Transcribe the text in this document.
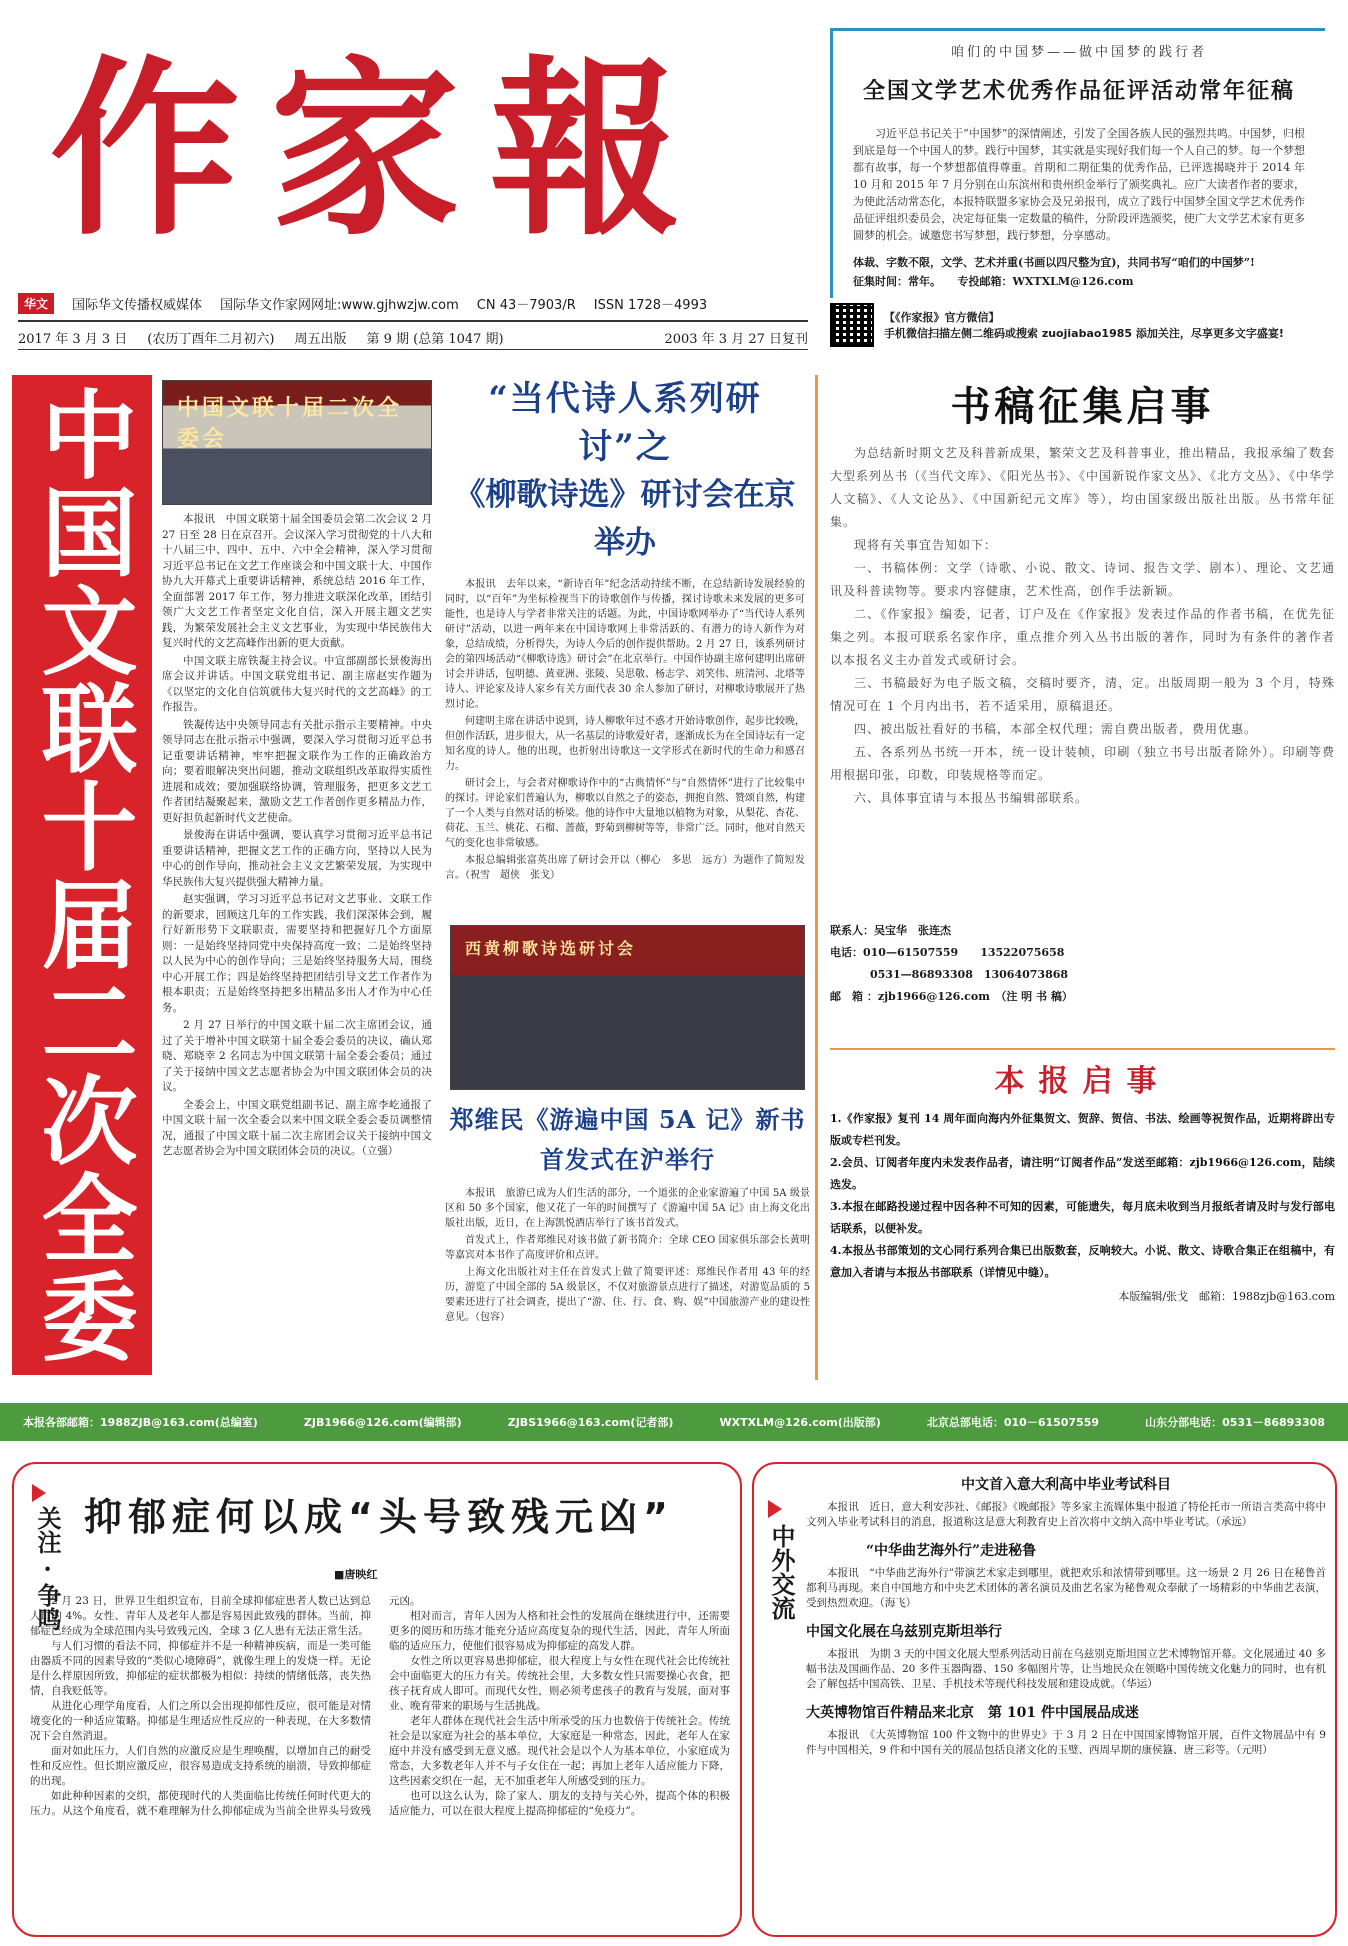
作家報
华文	国际华文传播权威媒体 国际华文作家网网址:www.gjhwzjw.com CN 43－7903/R ISSN 1728－4993
2017 年 3 月 3 日 (农历丁酉年二月初六) 周五出版 第 9 期 (总第 1047 期)	2003 年 3 月 27 日复刊
咱们的中国梦——做中国梦的践行者
全国文学艺术优秀作品征评活动常年征稿
习近平总书记关于“中国梦”的深情阐述，引发了全国各族人民的强烈共鸣。中国梦，归根到底是每一个中国人的梦。践行中国梦，其实就是实现好我们每一个人自己的梦。每一个梦想都有故事，每一个梦想都值得尊重。首期和二期征集的优秀作品，已评选揭晓并于 2014 年 10 月和 2015 年 7 月分别在山东滨州和贵州织金举行了颁奖典礼。应广大读者作者的要求，为使此活动常态化，本报特联盟多家协会及兄弟报刊，成立了践行中国梦全国文学艺术优秀作品征评组织委员会，决定每征集一定数量的稿件，分阶段评选颁奖，使广大文学艺术家有更多圆梦的机会。诚邀您书写梦想，践行梦想，分享感动。
体裁、字数不限，文学、艺术并重(书画以四尺整为宜)，共同书写“咱们的中国梦”!
征集时间：常年。　　专投邮箱：WXTXLM@126.com
【《作家报》官方微信】
手机微信扫描左侧二维码或搜索 zuojiabao1985 添加关注，尽享更多文字盛宴!
中国文联十届二次全委
中国文联十届二次全委会

本报讯　中国文联第十届全国委员会第二次会议 2 月 27 日至 28 日在京召开。会议深入学习贯彻党的十八大和十八届三中、四中、五中、六中全会精神，深入学习贯彻习近平总书记在文艺工作座谈会和中国文联十大、中国作协九大开幕式上重要讲话精神，系统总结 2016 年工作，全面部署 2017 年工作，努力推进文联深化改革，团结引领广大文艺工作者坚定文化自信，深入开展主题文艺实践，为繁荣发展社会主义文艺事业，为实现中华民族伟大复兴时代的文艺高峰作出新的更大贡献。

中国文联主席铁凝主持会议。中宣部副部长景俊海出席会议并讲话。中国文联党组书记、副主席赵实作题为《以坚定的文化自信筑就伟大复兴时代的文艺高峰》的工作报告。

铁凝传达中央领导同志有关批示指示主要精神。中央领导同志在批示指示中强调，要深入学习贯彻习近平总书记重要讲话精神，牢牢把握文联作为工作的正确政治方向；要着眼解决突出问题，推动文联组织改革取得实质性进展和成效；要加强联络协调，管理服务，把更多文艺工作者团结凝聚起来，激励文艺工作者创作更多精品力作，更好担负起新时代文艺使命。

景俊海在讲话中强调，要认真学习贯彻习近平总书记重要讲话精神，把握文艺工作的正确方向，坚持以人民为中心的创作导向，推动社会主义文艺繁荣发展，为实现中华民族伟大复兴提供强大精神力量。

赵实强调，学习习近平总书记对文艺事业、文联工作的新要求，回顾这几年的工作实践，我们深深体会到，履行好新形势下文联职责，需要坚持和把握好几个方面原则：一是始终坚持同党中央保持高度一致；二是始终坚持以人民为中心的创作导向；三是始终坚持服务大局，围绕中心开展工作；四是始终坚持把团结引导文艺工作者作为根本职责；五是始终坚持把多出精品多出人才作为中心任务。

2 月 27 日举行的中国文联十届二次主席团会议，通过了关于增补中国文联第十届全委会委员的决议，确认郑晓、郑晓幸 2 名同志为中国文联第十届全委会委员；通过了关于接纳中国文艺志愿者协会为中国文联团体会员的决议。

全委会上，中国文联党组副书记、副主席李屹通报了中国文联十届一次全委会以来中国文联全委会委员调整情况，通报了中国文联十届二次主席团会议关于接纳中国文艺志愿者协会为中国文联团体会员的决议。（立强）

“当代诗人系列研讨”之
《柳歌诗选》研讨会在京举办

本报讯　去年以来，“新诗百年”纪念活动持续不断，在总结新诗发展经验的同时，以“百年”为坐标检视当下的诗歌创作与传播，探讨诗歌未来发展的更多可能性，也是诗人与学者非常关注的话题。为此，中国诗歌网举办了“当代诗人系列研讨”活动，以进一两年来在中国诗歌网上非常活跃的、有潜力的诗人新作为对象，总结成绩，分析得失，为诗人今后的创作提供帮助。2 月 27 日，该系列研讨会的第四场活动“《柳歌诗选》研讨会”在北京举行。中国作协副主席何建明出席研讨会并讲话，包明德、黄亚洲、张陵、吴思敬、杨志学、刘笑伟、班清河、北塔等诗人、评论家及诗人家乡有关方面代表 30 余人参加了研讨，对柳歌诗歌展开了热烈讨论。

何建明主席在讲话中说到，诗人柳歌年过不惑才开始诗歌创作，起步比较晚，但创作活跃，进步很大，从一名基层的诗歌爱好者，逐渐成长为在全国诗坛有一定知名度的诗人。他的出现，也折射出诗歌这一文学形式在新时代的生命力和感召力。

研讨会上，与会者对柳歌诗作中的“古典情怀”与“自然情怀”进行了比较集中的探讨。评论家们普遍认为，柳歌以自然之子的姿态，拥抱自然、赞颂自然，构建了一个人类与自然对话的桥梁。他的诗作中大量地以植物为对象，从梨花、杏花、荷花、玉兰、桃花、石榴、蔷薇，野菊到柳树等等，非常广泛。同时，他对自然天气的变化也非常敏感。

本报总编辑张富英出席了研讨会开以（柳心　多思　远方）为题作了简短发言。（祝雪　超侠　张戈）

西黄柳歌诗选研讨会
郑维民《游遍中国 5A 记》新书首发式在沪举行

本报讯　旅游已成为人们生活的部分，一个道张的企业家游遍了中国 5A 级景区和 50 多个国家，他又花了一年的时间撰写了《游遍中国 5A 记》由上海文化出版社出版，近日，在上海凯悦酒店举行了该书首发式。

首发式上，作者郑维民对该书做了新书简介：全球 CEO 国家俱乐部会长黄明等嘉宾对本书作了高度评价和点评。

上海文化出版社对主任在首发式上做了简要评述：郑维民作者用 43 年的经历，游览了中国全部的 5A 级景区，不仅对旅游景点进行了描述，对游览品质的 5 要素还进行了社会调查，提出了“游、住、行、食、购、娱”中国旅游产业的建设性意见。（包容）

书稿征集启事

为总结新时期文艺及科普新成果，繁荣文艺及科普事业，推出精品，我报承编了数套大型系列丛书（《当代文库》、《阳光丛书》、《中国新锐作家文丛》、《北方文丛》、《中华学人文稿》、《人文论丛》、《中国新纪元文库》等），均由国家级出版社出版。丛书常年征集。

现将有关事宜告知如下：

一、书稿体例：文学（诗歌、小说、散文、诗词、报告文学、剧本）、理论、文艺通讯及科普读物等。要求内容健康，艺术性高，创作手法新颖。

二、《作家报》编委，记者，订户及在《作家报》发表过作品的作者书稿，在优先征集之列。本报可联系名家作序，重点推介列入丛书出版的著作，同时为有条件的著作者以本报名义主办首发式或研讨会。

三、书稿最好为电子版文稿，交稿时要齐，清，定。出版周期一般为 3 个月，特殊情况可在 1 个月内出书，若不适采用，原稿退还。

四、被出版社看好的书稿，本部全权代理；需自费出版者，费用优惠。

五、各系列丛书统一开本，统一设计装帧，印刷（独立书号出版者除外）。印刷等费用根据印张，印数，印装规格等而定。

六、具体事宜请与本报丛书编辑部联系。

联系人：吴宝华　张连杰
电话：010—61507559　　13522075658
0531—86893308　13064073868
邮　箱 ：zjb1966@126.com　（注 明 书 稿）
本报启事
1.《作家报》复刊 14 周年面向海内外征集贺文、贺辞、贺信、书法、绘画等祝贺作品，近期将辟出专版或专栏刊发。
2.会员、订阅者年度内未发表作品者，请注明“订阅者作品”发送至邮箱：zjb1966@126.com，陆续选发。
3.本报在邮路投递过程中因各种不可知的因素，可能遗失，每月底未收到当月报纸者请及时与发行部电话联系，以便补发。
4.本报丛书部策划的文心同行系列合集已出版数套，反响较大。小说、散文、诗歌合集正在组稿中，有意加入者请与本报丛书部联系（详情见中缝）。
本版编辑/张戈　邮箱：1988zjb@163.com
本报各部邮箱：1988ZJB@163.com(总编室)	ZJB1966@126.com(编辑部)	ZJBS1966@163.com(记者部)	WXTXLM@126.com(出版部)	北京总部电话：010－61507559	山东分部电话：0531－86893308
关注·争鸣 抑郁症何以成“头号致残元凶”
■唐映红

2 月 23 日，世界卫生组织宣布，目前全球抑郁症患者人数已达到总人口的 4%。女性、青年人及老年人都是容易因此致残的群体。当前，抑郁症已经成为全球范围内头号致残元凶，全球 3 亿人患有无法正常生活。

与人们习惯的看法不同，抑郁症并不是一种精神疾病，而是一类可能由器质不同的因素导致的“类似心境障碍”，就像生理上的发烧一样。无论是什么样原因所致，抑郁症的症状都极为相似：持续的情绪低落，丧失热情，自我贬低等。

从进化心理学角度看，人们之所以会出现抑郁性反应，很可能是对情境变化的一种适应策略。抑郁是生理适应性反应的一种表现，在大多数情况下会自然消退。

面对如此压力，人们自然的应激反应是生理唤醒，以增加自己的耐受性和反应性。但长期应激反应，很容易造成支持系统的崩溃，导致抑郁症的出现。

如此种种因素的交织，都使现时代的人类面临比传统任何时代更大的压力。从这个角度看，就不难理解为什么抑郁症成为当前全世界头号致残元凶。

相对而言，青年人因为人格和社会性的发展尚在继续进行中，还需要更多的阅历和历练才能充分适应高度复杂的现代生活，因此，青年人所面临的适应压力，使他们很容易成为抑郁症的高发人群。

女性之所以更容易患抑郁症，很大程度上与女性在现代社会比传统社会中面临更大的压力有关。传统社会里，大多数女性只需要操心衣食，把孩子抚育成人即可。而现代女性，则必须考虑孩子的教育与发展，面对事业、晚育带来的职场与生活挑战。

老年人群体在现代社会生活中所承受的压力也数倍于传统社会。传统社会是以家庭为社会的基本单位，大家庭是一种常态，因此，老年人在家庭中并没有感受到无意义感。现代社会是以个人为基本单位，小家庭成为常态，大多数老年人并不与子女住在一起；再加上老年人适应能力下降，这些因素交织在一起，无不加重老年人所感受到的压力。

也可以这么认为，除了家人、朋友的支持与关心外，提高个体的积极适应能力，可以在很大程度上提高抑郁症的“免疫力”。

中外交流
中文首入意大利高中毕业考试科目

本报讯　近日，意大利安莎社、《邮报》《晚邮报》等多家主流媒体集中报道了特伦托市一所语言类高中将中文列入毕业考试科目的消息，报道称这是意大利教育史上首次将中文纳入高中毕业考试。（承远）

“中华曲艺海外行”走进秘鲁

本报讯　“中华曲艺海外行”带演艺术家走到哪里，就把欢乐和浓情带到哪里。这一场景 2 月 26 日在秘鲁首都利马再现。来自中国地方和中央艺术团体的著名演员及曲艺名家为秘鲁观众奉献了一场精彩的中华曲艺表演，受到热烈欢迎。（海飞）

中国文化展在乌兹别克斯坦举行

本报讯　为期 3 天的中国文化展大型系列活动日前在乌兹别克斯坦国立艺术博物馆开幕。文化展通过 40 多幅书法及国画作品、20 多件玉器陶器、150 多幅图片等，让当地民众在领略中国传统文化魅力的同时，也有机会了解包括中国高铁、卫星、手机技术等现代科技发展和建设成就。（华运）

大英博物馆百件精品来北京　第 101 件中国展品成迷

本报讯　《大英博物馆 100 件文物中的世界史》于 3 月 2 日在中国国家博物馆开展，百件文物展品中有 9 件与中国相关，9 件和中国有关的展品包括良渚文化的玉璧、西周早期的康侯簋、唐三彩等。（元明）
